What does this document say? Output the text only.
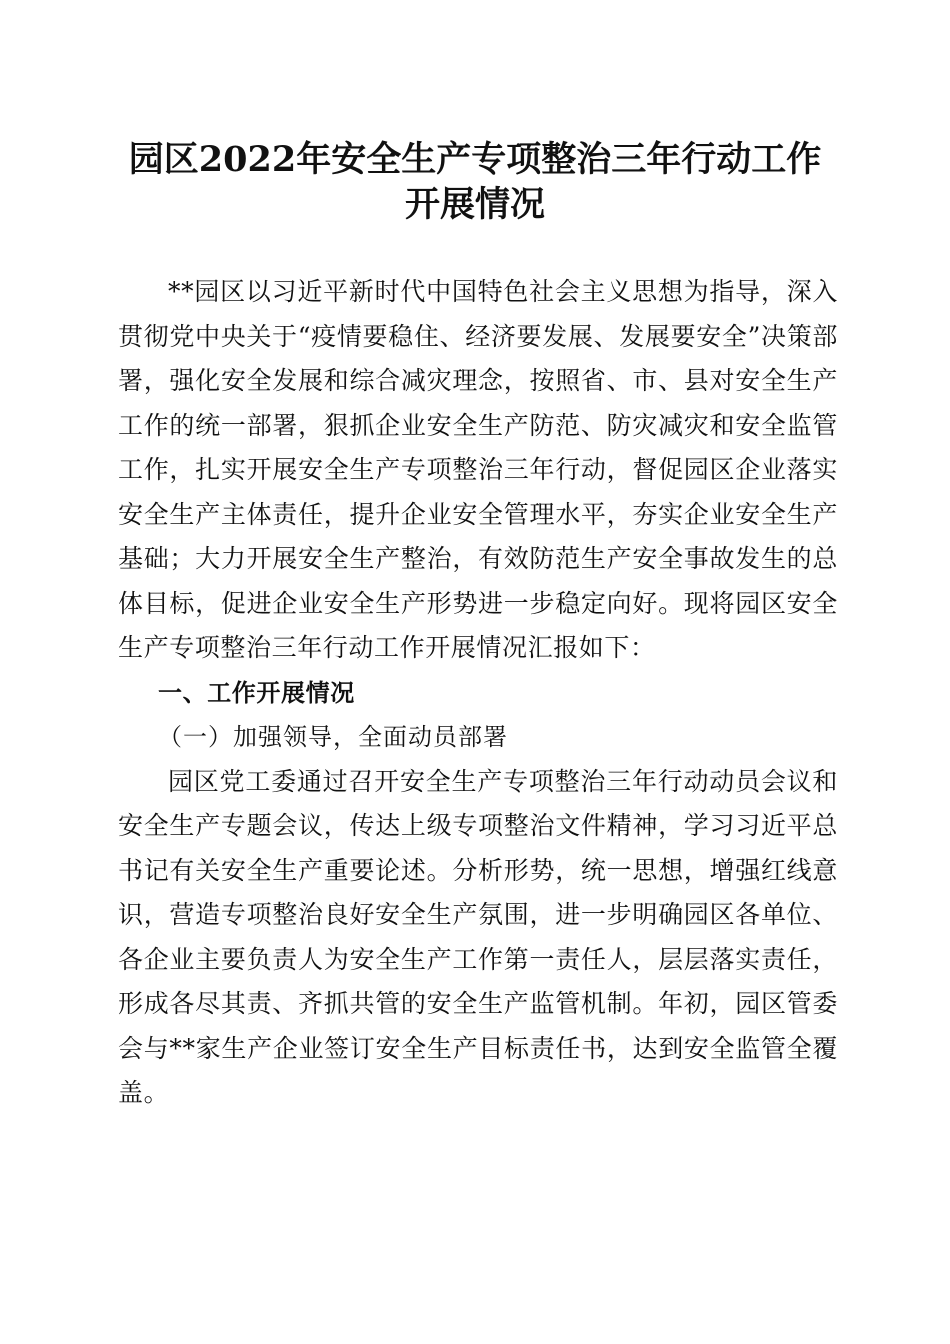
园区2022年安全生产专项整治三年行动工作
开展情况

**园区以习近平新时代中国特色社会主义思想为指导，深入贯彻党中央关于“疫情要稳住、经济要发展、发展要安全”决策部署，强化安全发展和综合减灾理念，按照省、市、县对安全生产工作的统一部署，狠抓企业安全生产防范、防灾减灾和安全监管工作，扎实开展安全生产专项整治三年行动，督促园区企业落实安全生产主体责任，提升企业安全管理水平，夯实企业安全生产基础；大力开展安全生产整治，有效防范生产安全事故发生的总体目标，促进企业安全生产形势进一步稳定向好。现将园区安全生产专项整治三年行动工作开展情况汇报如下：

一、工作开展情况

（一）加强领导，全面动员部署

园区党工委通过召开安全生产专项整治三年行动动员会议和安全生产专题会议，传达上级专项整治文件精神，学习习近平总书记有关安全生产重要论述。分析形势，统一思想，增强红线意识，营造专项整治良好安全生产氛围，进一步明确园区各单位、各企业主要负责人为安全生产工作第一责任人，层层落实责任，形成各尽其责、齐抓共管的安全生产监管机制。年初，园区管委会与**家生产企业签订安全生产目标责任书，达到安全监管全覆盖。
